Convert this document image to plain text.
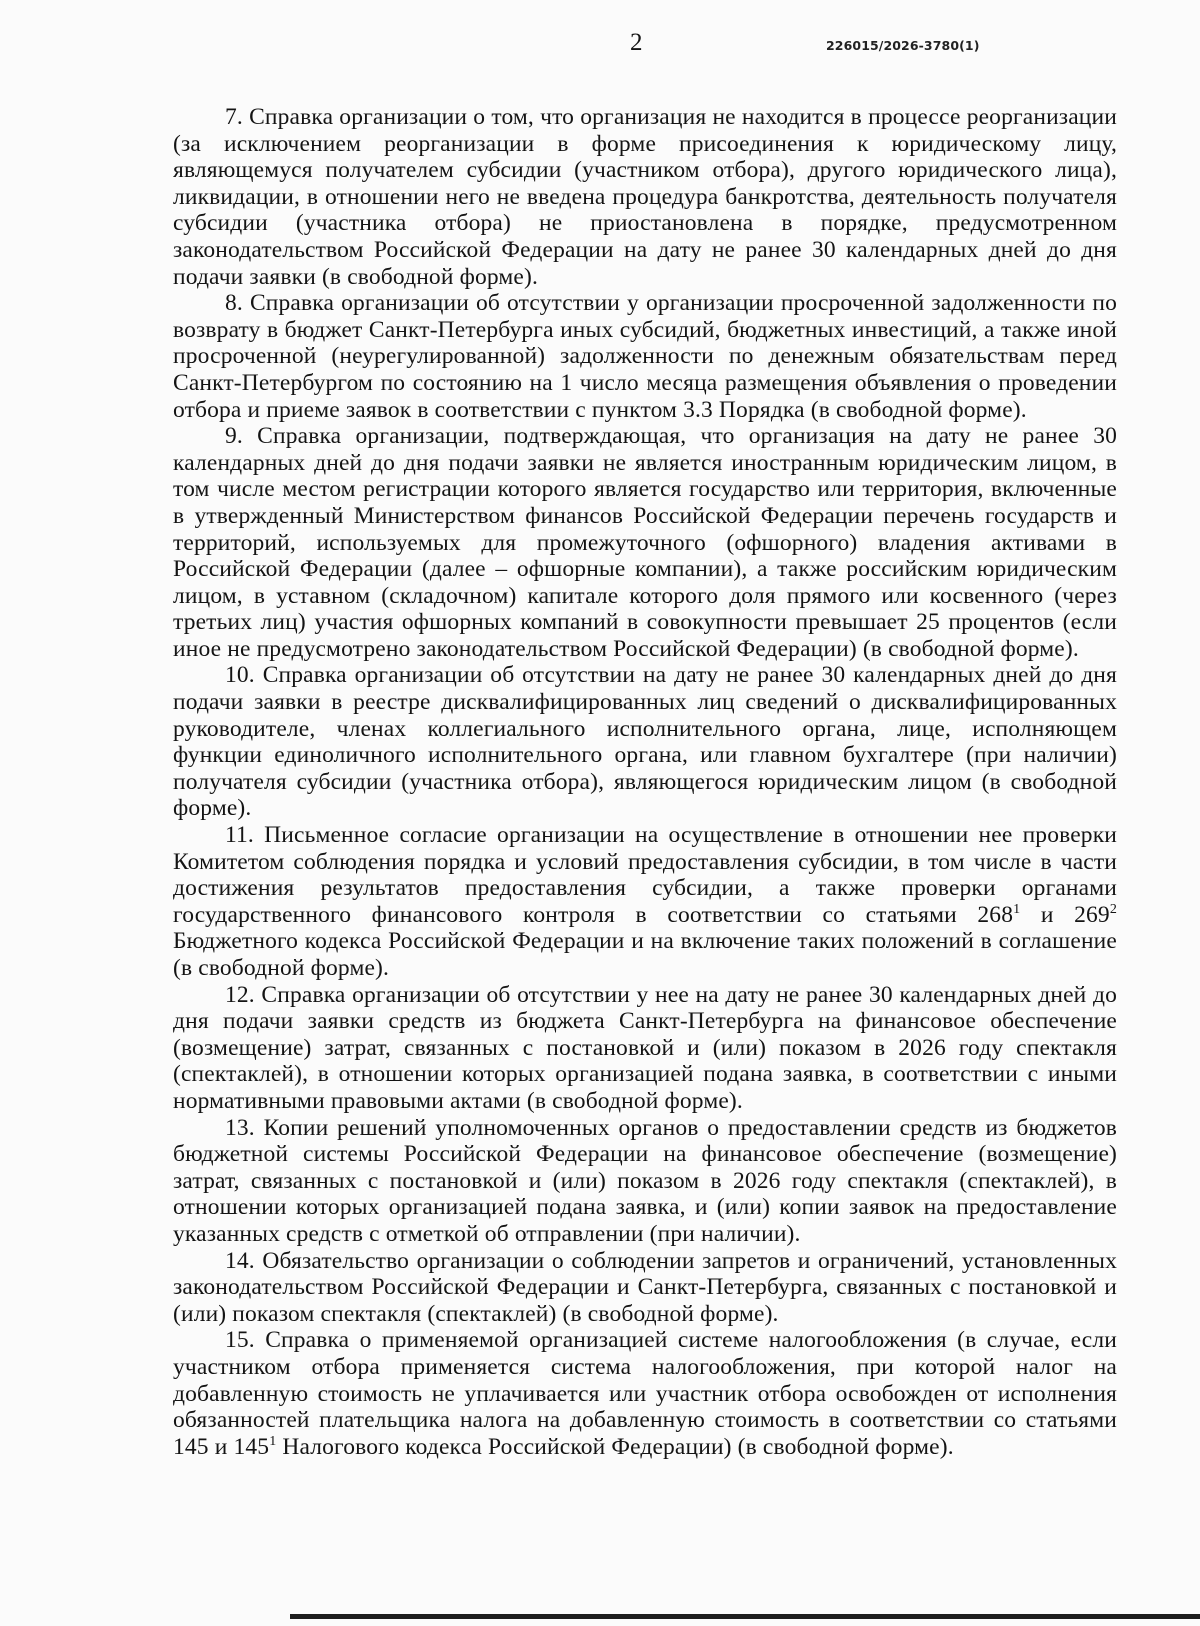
2	226015/2026-3780(1)

7. Справка организации о том, что организация не находится в процессе реорганизации (за исключением реорганизации в форме присоединения к юридическому лицу, являющемуся получателем субсидии (участником отбора), другого юридического лица), ликвидации, в отношении него не введена процедура банкротства, деятельность получателя субсидии (участника отбора) не приостановлена в порядке, предусмотренном законодательством Российской Федерации на дату не ранее 30 календарных дней до дня подачи заявки (в свободной форме).

8. Справка организации об отсутствии у организации просроченной задолженности по возврату в бюджет Санкт-Петербурга иных субсидий, бюджетных инвестиций, а также иной просроченной (неурегулированной) задолженности по денежным обязательствам перед Санкт-Петербургом по состоянию на 1 число месяца размещения объявления о проведении отбора и приеме заявок в соответствии с пунктом 3.3 Порядка (в свободной форме).

9. Справка организации, подтверждающая, что организация на дату не ранее 30 календарных дней до дня подачи заявки не является иностранным юридическим лицом, в том числе местом регистрации которого является государство или территория, включенные в утвержденный Министерством финансов Российской Федерации перечень государств и территорий, используемых для промежуточного (офшорного) владения активами в Российской Федерации (далее – офшорные компании), а также российским юридическим лицом, в уставном (складочном) капитале которого доля прямого или косвенного (через третьих лиц) участия офшорных компаний в совокупности превышает 25 процентов (если иное не предусмотрено законодательством Российской Федерации) (в свободной форме).

10. Справка организации об отсутствии на дату не ранее 30 календарных дней до дня подачи заявки в реестре дисквалифицированных лиц сведений о дисквалифицированных руководителе, членах коллегиального исполнительного органа, лице, исполняющем функции единоличного исполнительного органа, или главном бухгалтере (при наличии) получателя субсидии (участника отбора), являющегося юридическим лицом (в свободной форме).

11. Письменное согласие организации на осуществление в отношении нее проверки Комитетом соблюдения порядка и условий предоставления субсидии, в том числе в части достижения результатов предоставления субсидии, а также проверки органами государственного финансового контроля в соответствии со статьями $268^1$ и $269^2$ Бюджетного кодекса Российской Федерации и на включение таких положений в соглашение (в свободной форме).

12. Справка организации об отсутствии у нее на дату не ранее 30 календарных дней до дня подачи заявки средств из бюджета Санкт-Петербурга на финансовое обеспечение (возмещение) затрат, связанных с постановкой и (или) показом в 2026 году спектакля (спектаклей), в отношении которых организацией подана заявка, в соответствии с иными нормативными правовыми актами (в свободной форме).

13. Копии решений уполномоченных органов о предоставлении средств из бюджетов бюджетной системы Российской Федерации на финансовое обеспечение (возмещение) затрат, связанных с постановкой и (или) показом в 2026 году спектакля (спектаклей), в отношении которых организацией подана заявка, и (или) копии заявок на предоставление указанных средств с отметкой об отправлении (при наличии).

14. Обязательство организации о соблюдении запретов и ограничений, установленных законодательством Российской Федерации и Санкт-Петербурга, связанных с постановкой и (или) показом спектакля (спектаклей) (в свободной форме).

15. Справка о применяемой организацией системе налогообложения (в случае, если участником отбора применяется система налогообложения, при которой налог на добавленную стоимость не уплачивается или участник отбора освобожден от исполнения обязанностей плательщика налога на добавленную стоимость в соответствии со статьями 145 и $145^1$ Налогового кодекса Российской Федерации) (в свободной форме).
